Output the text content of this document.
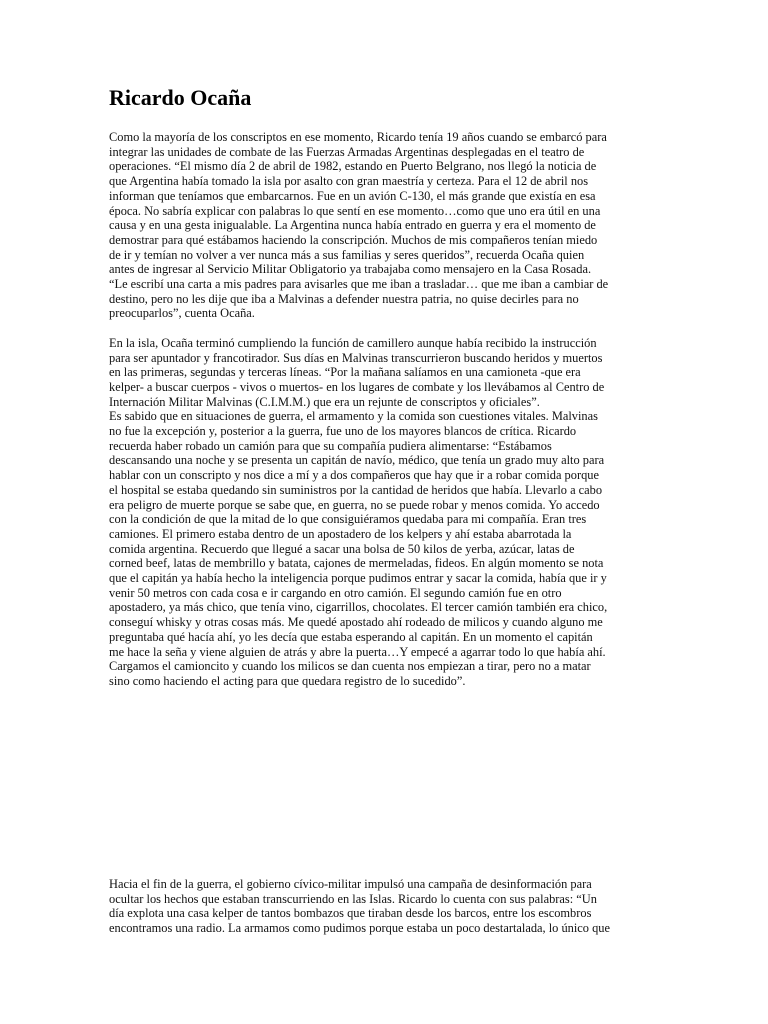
Ricardo Ocaña

Como la mayoría de los conscriptos en ese momento, Ricardo tenía 19 años cuando se embarcó para
integrar las unidades de combate de las Fuerzas Armadas Argentinas desplegadas en el teatro de
operaciones. “El mismo día 2 de abril de 1982, estando en Puerto Belgrano, nos llegó la noticia de
que Argentina había tomado la isla por asalto con gran maestría y certeza. Para el 12 de abril nos
informan que teníamos que embarcarnos. Fue en un avión C-130, el más grande que existía en esa
época. No sabría explicar con palabras lo que sentí en ese momento…como que uno era útil en una
causa y en una gesta inigualable. La Argentina nunca había entrado en guerra y era el momento de
demostrar para qué estábamos haciendo la conscripción. Muchos de mis compañeros tenían miedo
de ir y temían no volver a ver nunca más a sus familias y seres queridos”, recuerda Ocaña quien
antes de ingresar al Servicio Militar Obligatorio ya trabajaba como mensajero en la Casa Rosada.
“Le escribí una carta a mis padres para avisarles que me iban a trasladar… que me iban a cambiar de
destino, pero no les dije que iba a Malvinas a defender nuestra patria, no quise decirles para no
preocuparlos”, cuenta Ocaña.

En la isla, Ocaña terminó cumpliendo la función de camillero aunque había recibido la instrucción
para ser apuntador y francotirador. Sus días en Malvinas transcurrieron buscando heridos y muertos
en las primeras, segundas y terceras líneas. “Por la mañana salíamos en una camioneta -que era
kelper- a buscar cuerpos - vivos o muertos- en los lugares de combate y los llevábamos al Centro de
Internación Militar Malvinas (C.I.M.M.) que era un rejunte de conscriptos y oficiales”.

Es sabido que en situaciones de guerra, el armamento y la comida son cuestiones vitales. Malvinas
no fue la excepción y, posterior a la guerra, fue uno de los mayores blancos de crítica. Ricardo
recuerda haber robado un camión para que su compañía pudiera alimentarse: “Estábamos
descansando una noche y se presenta un capitán de navío, médico, que tenía un grado muy alto para
hablar con un conscripto y nos dice a mí y a dos compañeros que hay que ir a robar comida porque
el hospital se estaba quedando sin suministros por la cantidad de heridos que había. Llevarlo a cabo
era peligro de muerte porque se sabe que, en guerra, no se puede robar y menos comida. Yo accedo
con la condición de que la mitad de lo que consiguiéramos quedaba para mi compañía. Eran tres
camiones. El primero estaba dentro de un apostadero de los kelpers y ahí estaba abarrotada la
comida argentina. Recuerdo que llegué a sacar una bolsa de 50 kilos de yerba, azúcar, latas de
corned beef, latas de membrillo y batata, cajones de mermeladas, fideos. En algún momento se nota
que el capitán ya había hecho la inteligencia porque pudimos entrar y sacar la comida, había que ir y
venir 50 metros con cada cosa e ir cargando en otro camión. El segundo camión fue en otro
apostadero, ya más chico, que tenía vino, cigarrillos, chocolates. El tercer camión también era chico,
conseguí whisky y otras cosas más. Me quedé apostado ahí rodeado de milicos y cuando alguno me
preguntaba qué hacía ahí, yo les decía que estaba esperando al capitán. En un momento el capitán
me hace la seña y viene alguien de atrás y abre la puerta…Y empecé a agarrar todo lo que había ahí.
Cargamos el camioncito y cuando los milicos se dan cuenta nos empiezan a tirar, pero no a matar
sino como haciendo el acting para que quedara registro de lo sucedido”.

Hacia el fin de la guerra, el gobierno cívico-militar impulsó una campaña de desinformación para
ocultar los hechos que estaban transcurriendo en las Islas. Ricardo lo cuenta con sus palabras: “Un
día explota una casa kelper de tantos bombazos que tiraban desde los barcos, entre los escombros
encontramos una radio. La armamos como pudimos porque estaba un poco destartalada, lo único que
